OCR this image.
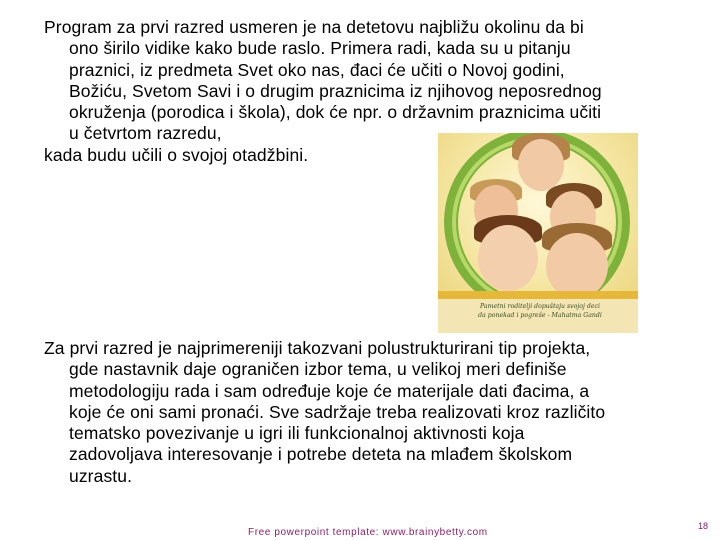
Program za prvi razred usmeren je na detetovu najbližu okolinu da bi
ono širilo vidike kako bude raslo. Primera radi, kada su u pitanju
praznici, iz predmeta Svet oko nas, đaci će učiti o Novoj godini,
Božiću, Svetom Savi i o drugim praznicima iz njihovog neposrednog
okruženja (porodica i škola), dok će npr. o državnim praznicima učiti
u četvrtom razredu,
kada budu učili o svojoj otadžbini.
Pametni roditelji dopuštaju svojoj deci
da ponekad i pogreše - Mahatma Gandi
Za prvi razred je najprimereniji takozvani polustrukturirani tip projekta,
gde nastavnik daje ograničen izbor tema, u velikoj meri definiše
metodologiju rada i sam određuje koje će materijale dati đacima, a
koje će oni sami pronaći. Sve sadržaje treba realizovati kroz različito
tematsko povezivanje u igri ili funkcionalnoj aktivnosti koja
zadovoljava interesovanje i potrebe deteta na mlađem školskom
uzrastu.
Free powerpoint template: www.brainybetty.com
18
